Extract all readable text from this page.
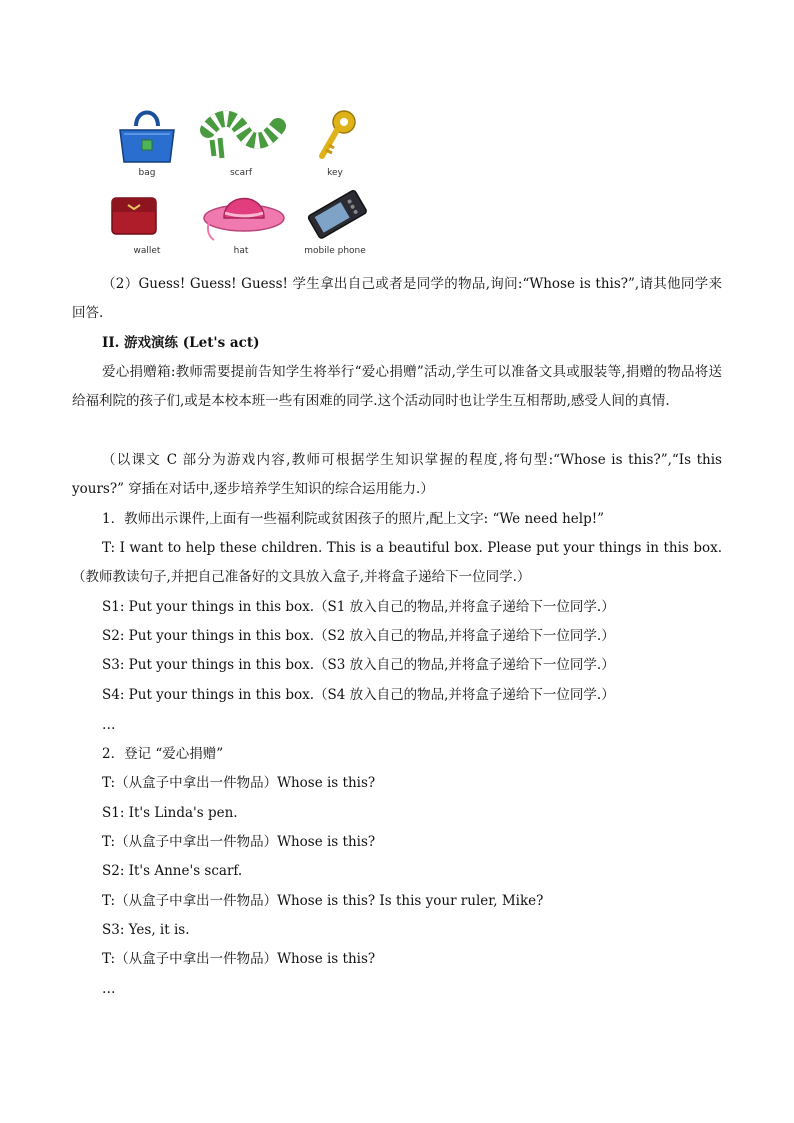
bag	scarf	key
wallet	hat	mobile phone
（2）Guess! Guess! Guess! 学生拿出自己或者是同学的物品,询问:“Whose is this?”,请其他同学来回答.
II. 游戏演练 (Let's act)
爱心捐赠箱:教师需要提前告知学生将举行“爱心捐赠”活动,学生可以准备文具或服装等,捐赠的物品将送给福利院的孩子们,或是本校本班一些有困难的同学.这个活动同时也让学生互相帮助,感受人间的真情.
（以课文 C 部分为游戏内容,教师可根据学生知识掌握的程度,将句型:“Whose is this?”,“Is this yours?” 穿插在对话中,逐步培养学生知识的综合运用能力.）
1．教师出示课件,上面有一些福利院或贫困孩子的照片,配上文字: “We need help!”
T: I want to help these children. This is a beautiful box. Please put your things in this box.（教师教读句子,并把自己准备好的文具放入盒子,并将盒子递给下一位同学.）
S1: Put your things in this box.（S1 放入自己的物品,并将盒子递给下一位同学.）
S2: Put your things in this box.（S2 放入自己的物品,并将盒子递给下一位同学.）
S3: Put your things in this box.（S3 放入自己的物品,并将盒子递给下一位同学.）
S4: Put your things in this box.（S4 放入自己的物品,并将盒子递给下一位同学.）
…
2．登记 “爱心捐赠”
T:（从盒子中拿出一件物品）Whose is this?
S1: It's Linda's pen.
T:（从盒子中拿出一件物品）Whose is this?
S2: It's Anne's scarf.
T:（从盒子中拿出一件物品）Whose is this? Is this your ruler, Mike?
S3: Yes, it is.
T:（从盒子中拿出一件物品）Whose is this?
…
